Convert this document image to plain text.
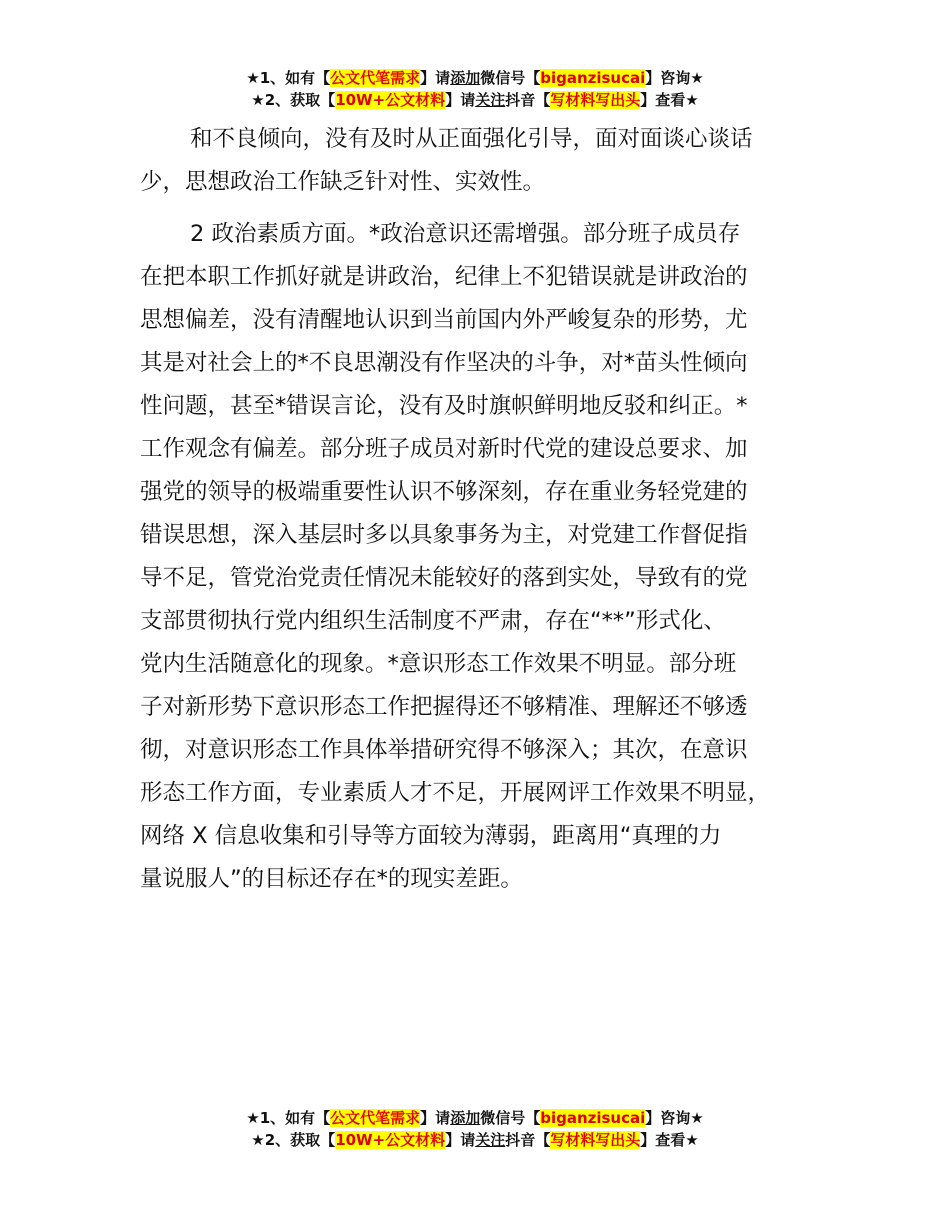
★1、如有【公文代笔需求】请添加微信号【biganzisucai】咨询★
★2、获取【10W+公文材料】请关注抖音【写材料写出头】查看★
和不良倾向，没有及时从正面强化引导，面对面谈心谈话
少，思想政治工作缺乏针对性、实效性。
2 政治素质方面。*政治意识还需增强。部分班子成员存
在把本职工作抓好就是讲政治，纪律上不犯错误就是讲政治的
思想偏差，没有清醒地认识到当前国内外严峻复杂的形势，尤
其是对社会上的*不良思潮没有作坚决的斗争，对*苗头性倾向
性问题，甚至*错误言论，没有及时旗帜鲜明地反驳和纠正。*
工作观念有偏差。部分班子成员对新时代党的建设总要求、加
强党的领导的极端重要性认识不够深刻，存在重业务轻党建的
错误思想，深入基层时多以具象事务为主，对党建工作督促指
导不足，管党治党责任情况未能较好的落到实处，导致有的党
支部贯彻执行党内组织生活制度不严肃，存在“**”形式化、
党内生活随意化的现象。*意识形态工作效果不明显。部分班
子对新形势下意识形态工作把握得还不够精准、理解还不够透
彻，对意识形态工作具体举措研究得不够深入；其次，在意识
形态工作方面，专业素质人才不足，开展网评工作效果不明显，
网络 X 信息收集和引导等方面较为薄弱，距离用“真理的力
量说服人”的目标还存在*的现实差距。
★1、如有【公文代笔需求】请添加微信号【biganzisucai】咨询★
★2、获取【10W+公文材料】请关注抖音【写材料写出头】查看★
